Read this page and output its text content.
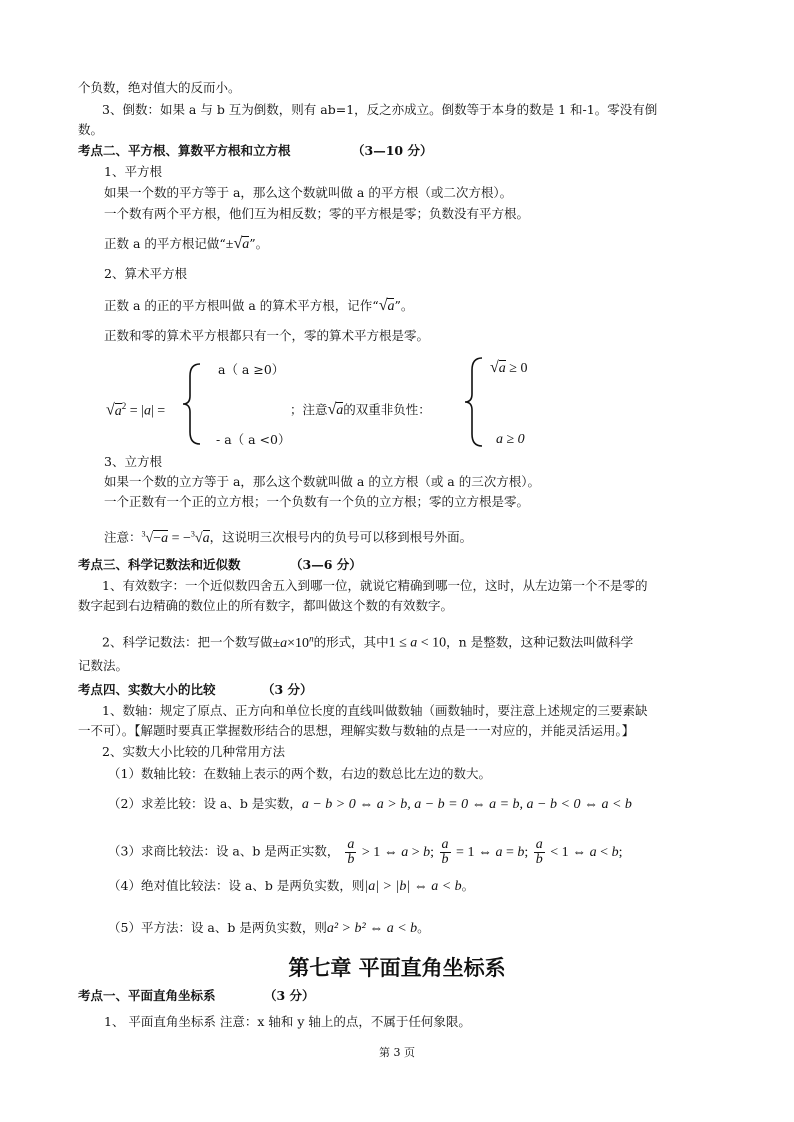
个负数，绝对值大的反而小。
3、倒数：如果 a 与 b 互为倒数，则有 ab=1，反之亦成立。倒数等于本身的数是 1 和-1。零没有倒
数。
考点二、平方根、算数平方根和立方根	（3—10 分）
1、平方根
如果一个数的平方等于 a，那么这个数就叫做 a 的平方根（或二次方根）。
一个数有两个平方根，他们互为相反数；零的平方根是零；负数没有平方根。
正数 a 的平方根记做“±√a”。
2、算术平方根
正数 a 的正的平方根叫做 a 的算术平方根，记作“√a”。
正数和零的算术平方根都只有一个，零的算术平方根是零。
$√a^2 = |a|$ =
a（ a ≥0）
- a（ a <0）
；注意√a的双重非负性：
√a ≥ 0
a ≥ 0
3、立方根
如果一个数的立方等于 a，那么这个数就叫做 a 的立方根（或 a 的三次方根）。
一个正数有一个正的立方根；一个负数有一个负的立方根；零的立方根是零。
注意：$^3$√−a = −$^3$√a，这说明三次根号内的负号可以移到根号外面。
考点三、科学记数法和近似数	（3—6 分）
1、有效数字：一个近似数四舍五入到哪一位，就说它精确到哪一位，这时，从左边第一个不是零的
数字起到右边精确的数位止的所有数字，都叫做这个数的有效数字。
2、科学记数法：把一个数写做$\pm a\times 10^n$的形式，其中1 ≤ a < 10，n 是整数，这种记数法叫做科学
记数法。
考点四、实数大小的比较	（3 分）
1、数轴：规定了原点、正方向和单位长度的直线叫做数轴（画数轴时，要注意上述规定的三要素缺
一不可）。【解题时要真正掌握数形结合的思想，理解实数与数轴的点是一一对应的，并能灵活运用。】
2、实数大小比较的几种常用方法
（1）数轴比较：在数轴上表示的两个数，右边的数总比左边的数大。
（2）求差比较：设 a、b 是实数，a − b > 0 ⇔ a > b, a − b = 0 ⇔ a = b, a − b < 0 ⇔ a < b
（3）求商比较法：设 a、b 是两正实数， $\frac{a}{b} > 1$ ⇔ a > b; $\frac{a}{b} = 1$ ⇔ a = b; $\frac{a}{b} < 1$ ⇔ a < b;
（4）绝对值比较法：设 a、b 是两负实数，则|a| > |b| ⇔ a < b。
（5）平方法：设 a、b 是两负实数，则a² > b² ⇔ a < b。
第七章 平面直角坐标系
考点一、平面直角坐标系	（3 分）
1、 平面直角坐标系 注意：x 轴和 y 轴上的点，不属于任何象限。
第 3 页
